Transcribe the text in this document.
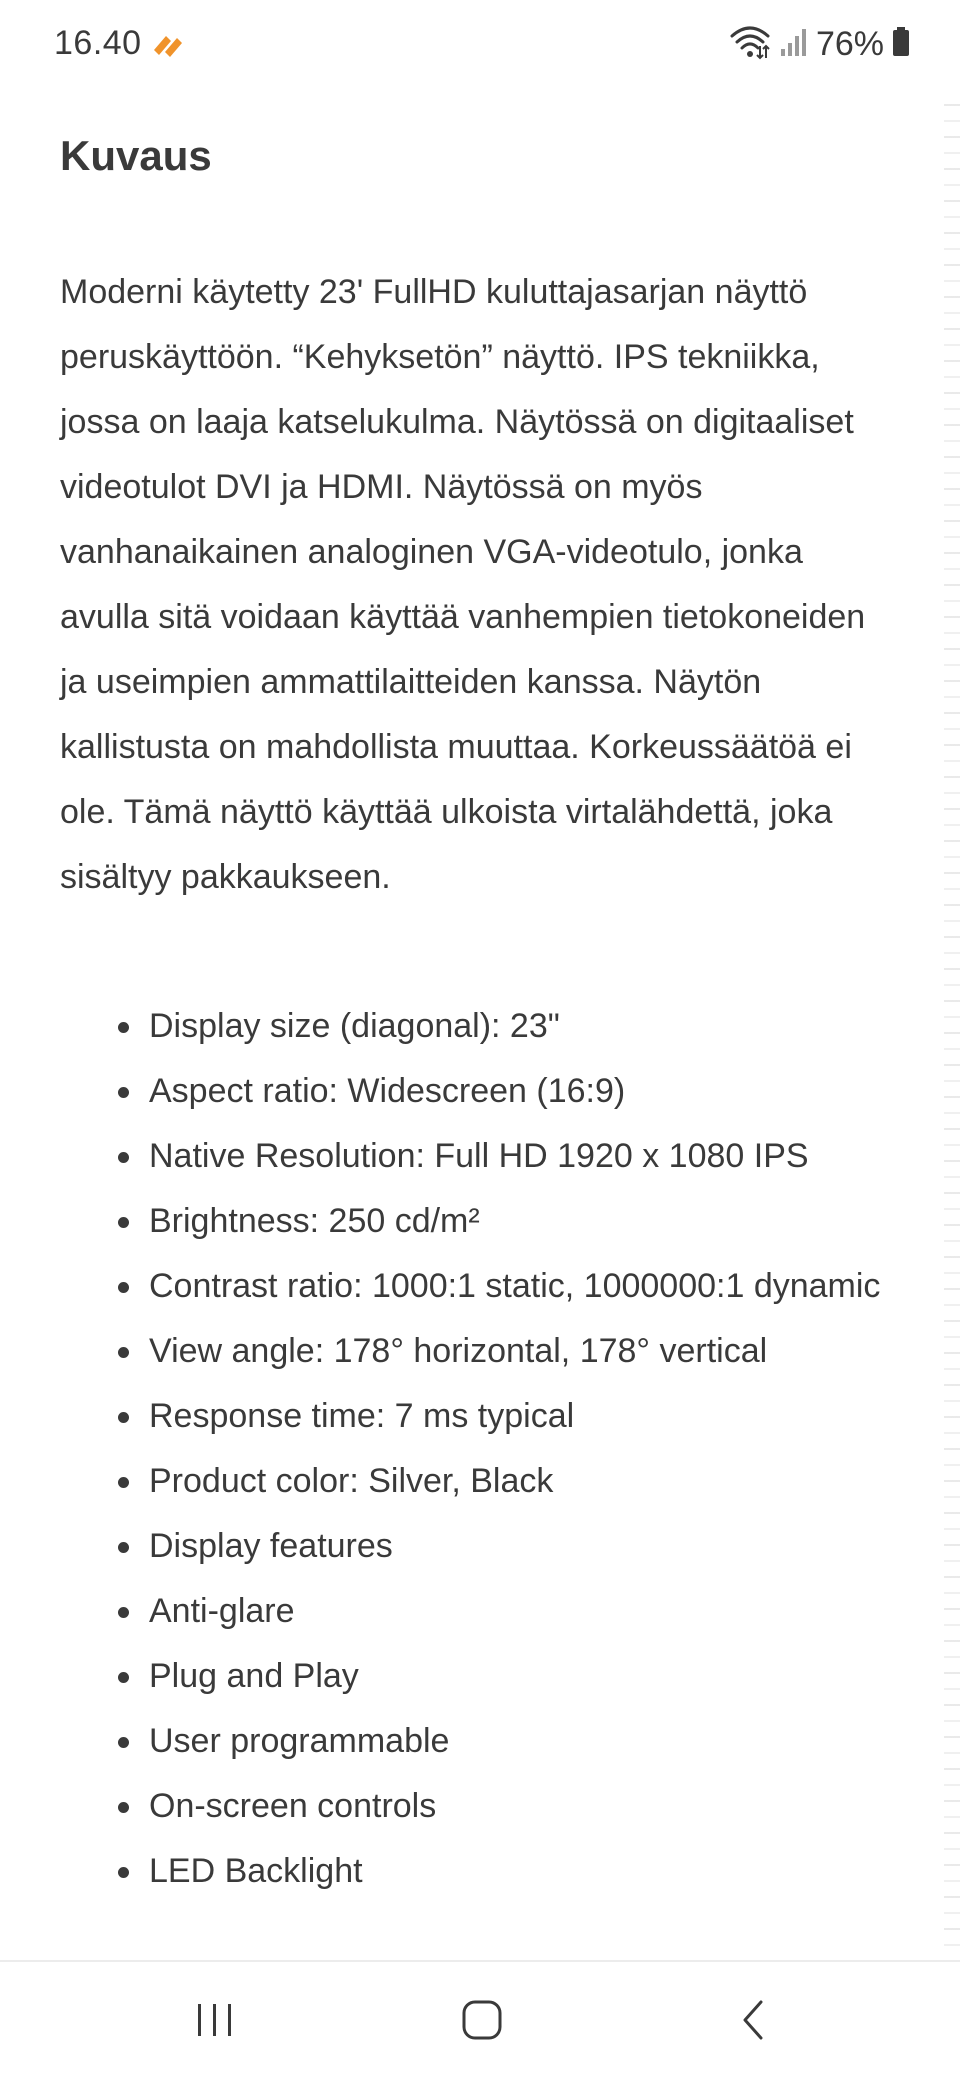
16.40	76%
Kuvaus

Moderni käytetty 23' FullHD kuluttajasarjan näyttö peruskäyttöön. “Kehyksetön” näyttö. IPS tekniikka, jossa on laaja katselukulma. Näytössä on digitaaliset videotulot DVI ja HDMI. Näytössä on myös vanhanaikainen analoginen VGA-videotulo, jonka avulla sitä voidaan käyttää vanhempien tietokoneiden ja useimpien ammattilaitteiden kanssa. Näytön kallistusta on mahdollista muuttaa. Korkeussäätöä ei ole. Tämä näyttö käyttää ulkoista virtalähdettä, joka sisältyy pakkaukseen.

Display size (diagonal): 23"
Aspect ratio: Widescreen (16:9)
Native Resolution: Full HD 1920 x 1080 IPS
Brightness: 250 cd/m²
Contrast ratio: 1000:1 static, 1000000:1 dynamic
View angle: 178° horizontal, 178° vertical
Response time: 7 ms typical
Product color: Silver, Black
Display features
Anti-glare
Plug and Play
User programmable
On-screen controls
LED Backlight
